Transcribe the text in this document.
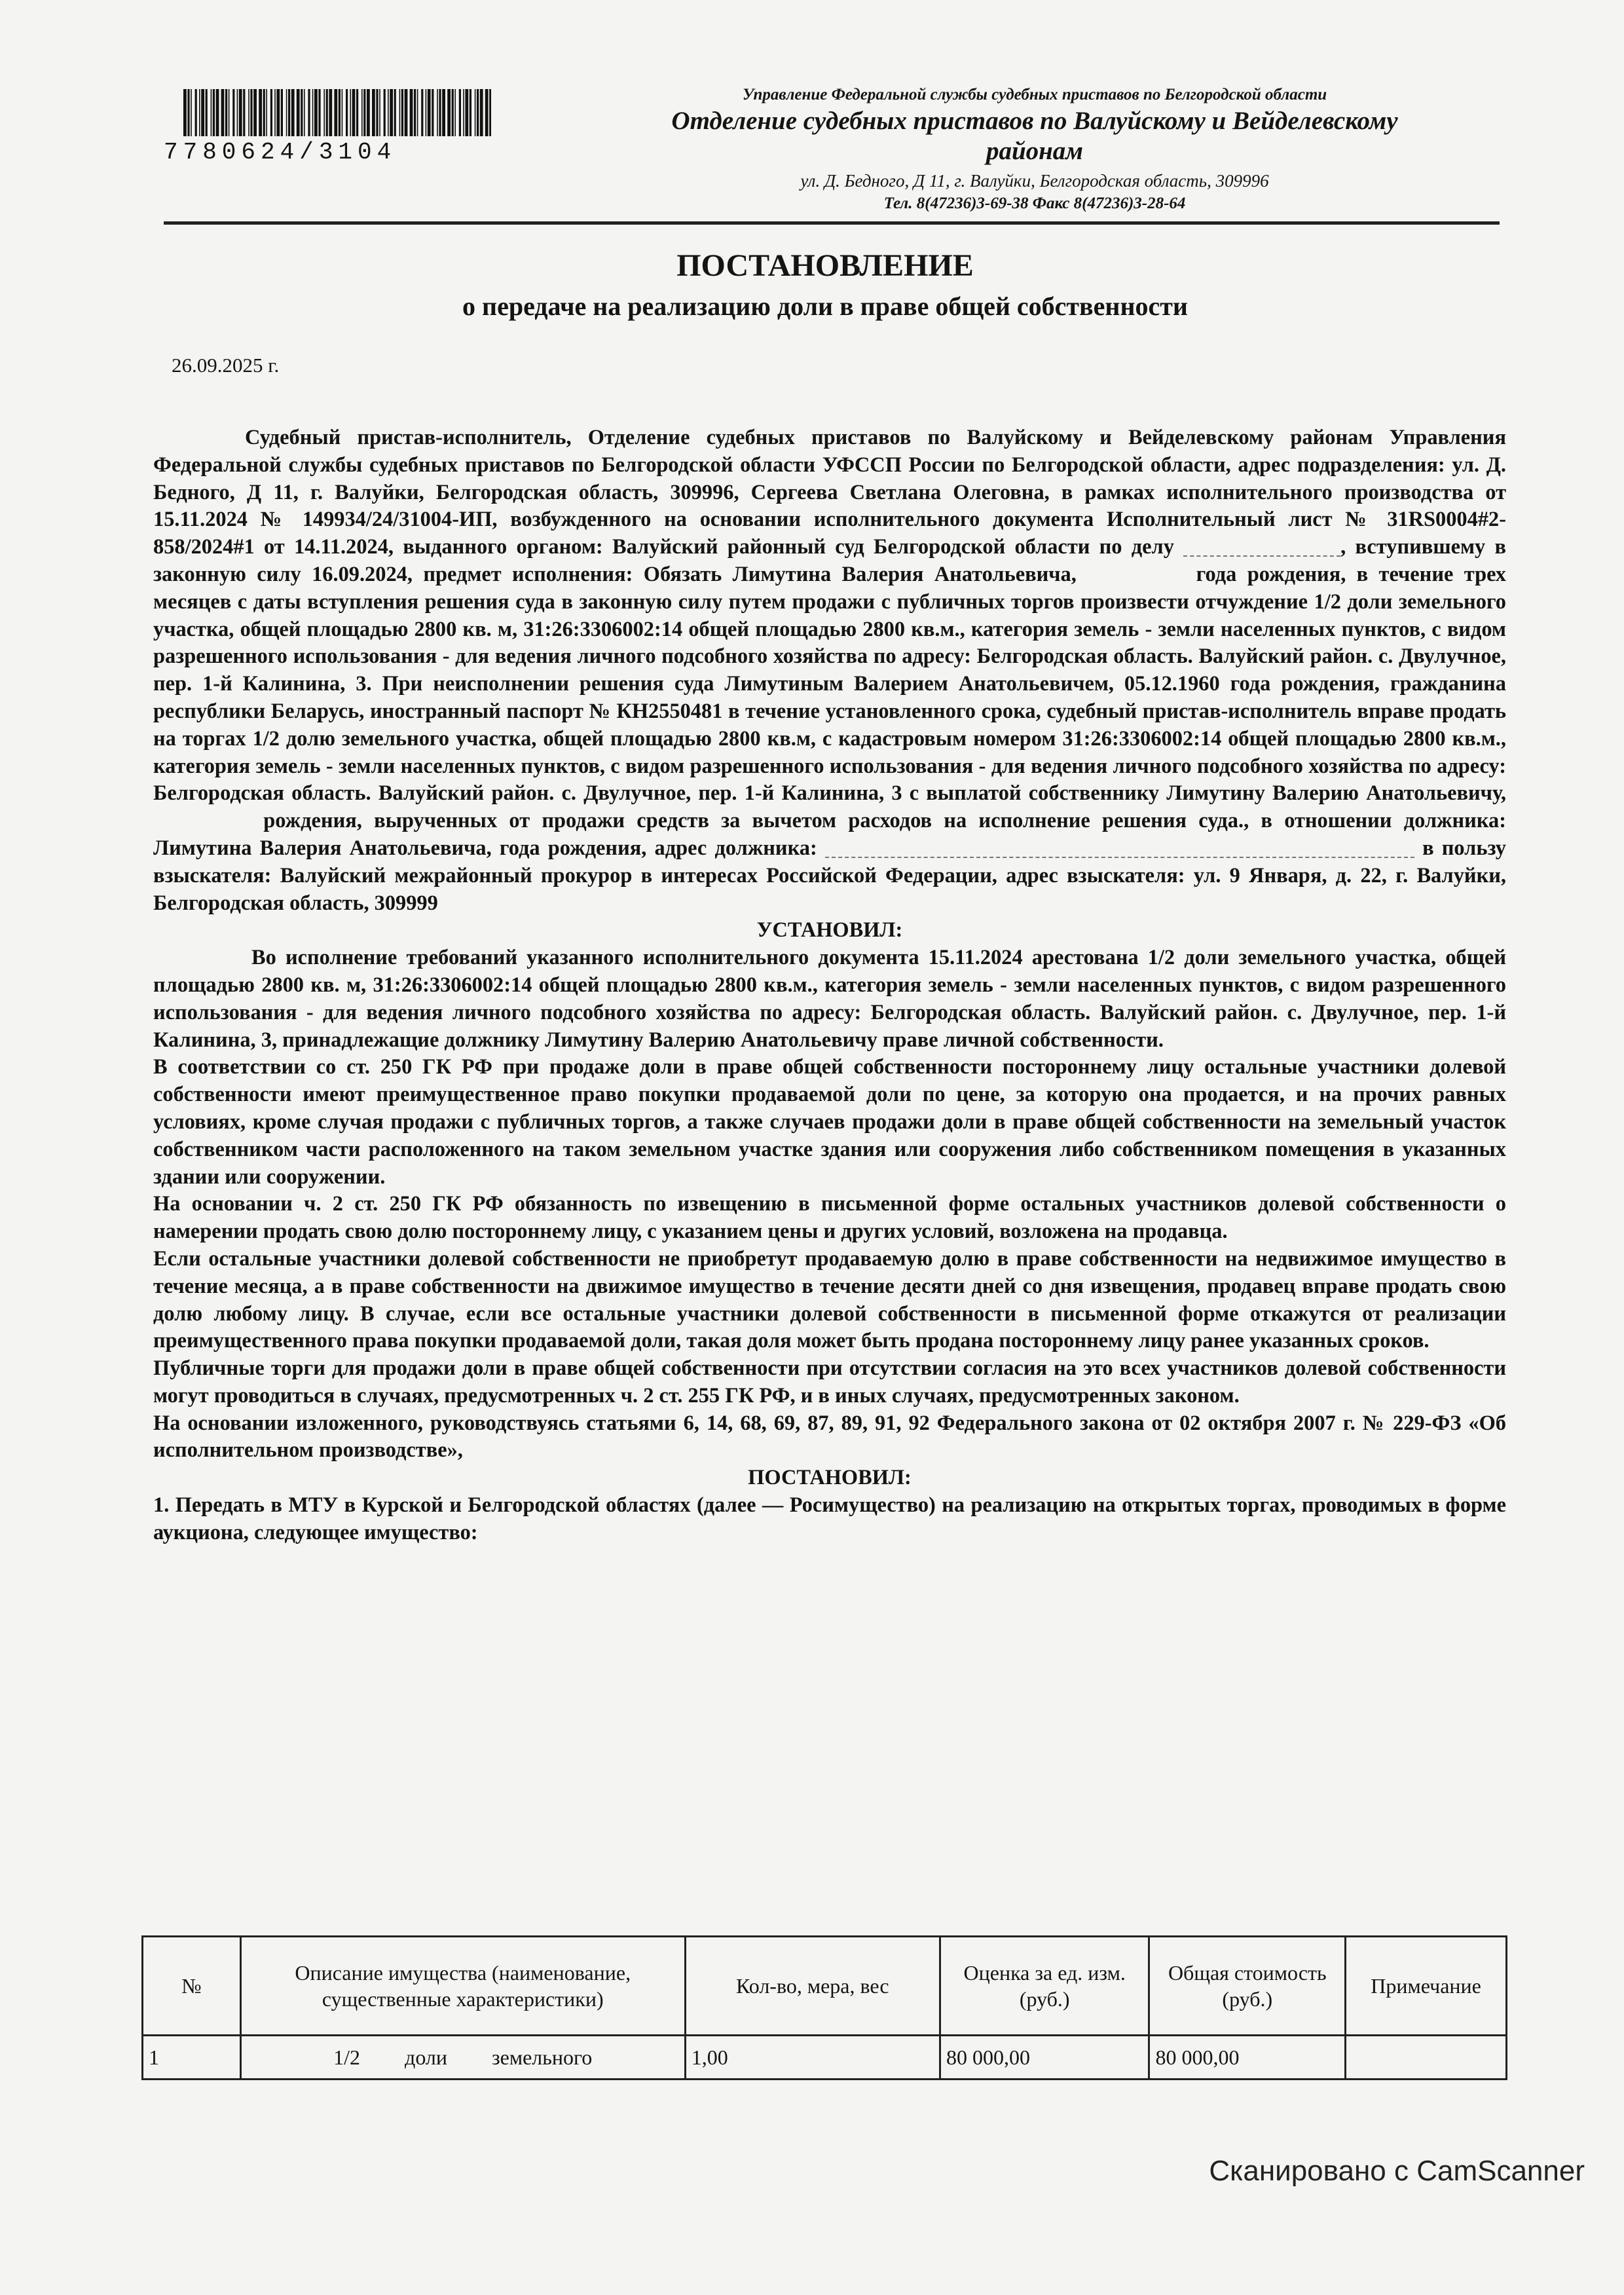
7780624/3104
Управление Федеральной службы судебных приставов по Белгородской области
Отделение судебных приставов по Валуйскому и Вейделевскому
районам
ул. Д. Бедного, Д 11, г. Валуйки, Белгородская область, 309996
Тел. 8(47236)3-69-38 Факс 8(47236)3-28-64
ПОСТАНОВЛЕНИЕ
о передаче на реализацию доли в праве общей собственности
26.09.2025 г.

Судебный пристав-исполнитель, Отделение судебных приставов по Валуйскому и Вейделевскому районам Управления Федеральной службы судебных приставов по Белгородской области УФССП России по Белгородской области, адрес подразделения: ул. Д. Бедного, Д 11, г. Валуйки, Белгородская область, 309996, Сергеева Светлана Олеговна, в рамках исполнительного производства от 15.11.2024 № 149934/24/31004-ИП, возбужденного на основании исполнительного документа Исполнительный лист № 31RS0004#2-858/2024#1 от 14.11.2024, выданного органом: Валуйский районный суд Белгородской области по делу	, вступившему в законную силу 16.09.2024, предмет исполнения: Обязать Лимутина Валерия Анатольевича,	года рождения, в течение трех месяцев с даты вступления решения суда в законную силу путем продажи с публичных торгов произвести отчуждение 1/2 доли земельного участка, общей площадью 2800 кв. м, 31:26:3306002:14 общей площадью 2800 кв.м., категория земель - земли населенных пунктов, с видом разрешенного использования - для ведения личного подсобного хозяйства по адресу: Белгородская область. Валуйский район. с. Двулучное, пер. 1-й Калинина, 3. При неисполнении решения суда Лимутиным Валерием Анатольевичем, 05.12.1960 года рождения, гражданина республики Беларусь, иностранный паспорт № КН2550481 в течение установленного срока, судебный пристав-исполнитель вправе продать на торгах 1/2 долю земельного участка, общей площадью 2800 кв.м, с кадастровым номером 31:26:3306002:14 общей площадью 2800 кв.м., категория земель - земли населенных пунктов, с видом разрешенного использования - для ведения личного подсобного хозяйства по адресу: Белгородская область. Валуйский район. с. Двулучное, пер. 1-й Калинина, 3 с выплатой собственнику Лимутину Валерию Анатольевичу,  рождения, вырученных от продажи средств за вычетом расходов на исполнение решения суда., в отношении должника: Лимутина Валерия Анатольевича, года рождения, адрес должника:	в пользу взыскателя: Валуйский межрайонный прокурор в интересах Российской Федерации, адрес взыскателя: ул. 9 Января, д. 22, г. Валуйки, Белгородская область, 309999

УСТАНОВИЛ:

Во исполнение требований указанного исполнительного документа 15.11.2024 арестована 1/2 доли земельного участка, общей площадью 2800 кв. м, 31:26:3306002:14 общей площадью 2800 кв.м., категория земель - земли населенных пунктов, с видом разрешенного использования - для ведения личного подсобного хозяйства по адресу: Белгородская область. Валуйский район. с. Двулучное, пер. 1-й Калинина, 3, принадлежащие должнику Лимутину Валерию Анатольевичу праве личной собственности.

В соответствии со ст. 250 ГК РФ при продаже доли в праве общей собственности постороннему лицу остальные участники долевой собственности имеют преимущественное право покупки продаваемой доли по цене, за которую она продается, и на прочих равных условиях, кроме случая продажи с публичных торгов, а также случаев продажи доли в праве общей собственности на земельный участок собственником части расположенного на таком земельном участке здания или сооружения либо собственником помещения в указанных здании или сооружении.

На основании ч. 2 ст. 250 ГК РФ обязанность по извещению в письменной форме остальных участников долевой собственности о намерении продать свою долю постороннему лицу, с указанием цены и других условий, возложена на продавца.

Если остальные участники долевой собственности не приобретут продаваемую долю в праве собственности на недвижимое имущество в течение месяца, а в праве собственности на движимое имущество в течение десяти дней со дня извещения, продавец вправе продать свою долю любому лицу. В случае, если все остальные участники долевой собственности в письменной форме откажутся от реализации преимущественного права покупки продаваемой доли, такая доля может быть продана постороннему лицу ранее указанных сроков.

Публичные торги для продажи доли в праве общей собственности при отсутствии согласия на это всех участников долевой собственности могут проводиться в случаях, предусмотренных ч. 2 ст. 255 ГК РФ, и в иных случаях, предусмотренных законом.

На основании изложенного, руководствуясь статьями 6, 14, 68, 69, 87, 89, 91, 92 Федерального закона от 02 октября 2007 г. № 229-ФЗ «Об исполнительном производстве»,

ПОСТАНОВИЛ:

1. Передать в МТУ в Курской и Белгородской областях (далее — Росимущество) на реализацию на открытых торгах, проводимых в форме аукциона, следующее имущество:

№	Описание имущества (наименование, существенные характеристики)	Кол-во, мера, вес	Оценка за ед. изм. (руб.)	Общая стоимость (руб.)	Примечание
1	1/2 доли земельного	1,00	80 000,00	80 000,00	
Сканировано с CamScanner
